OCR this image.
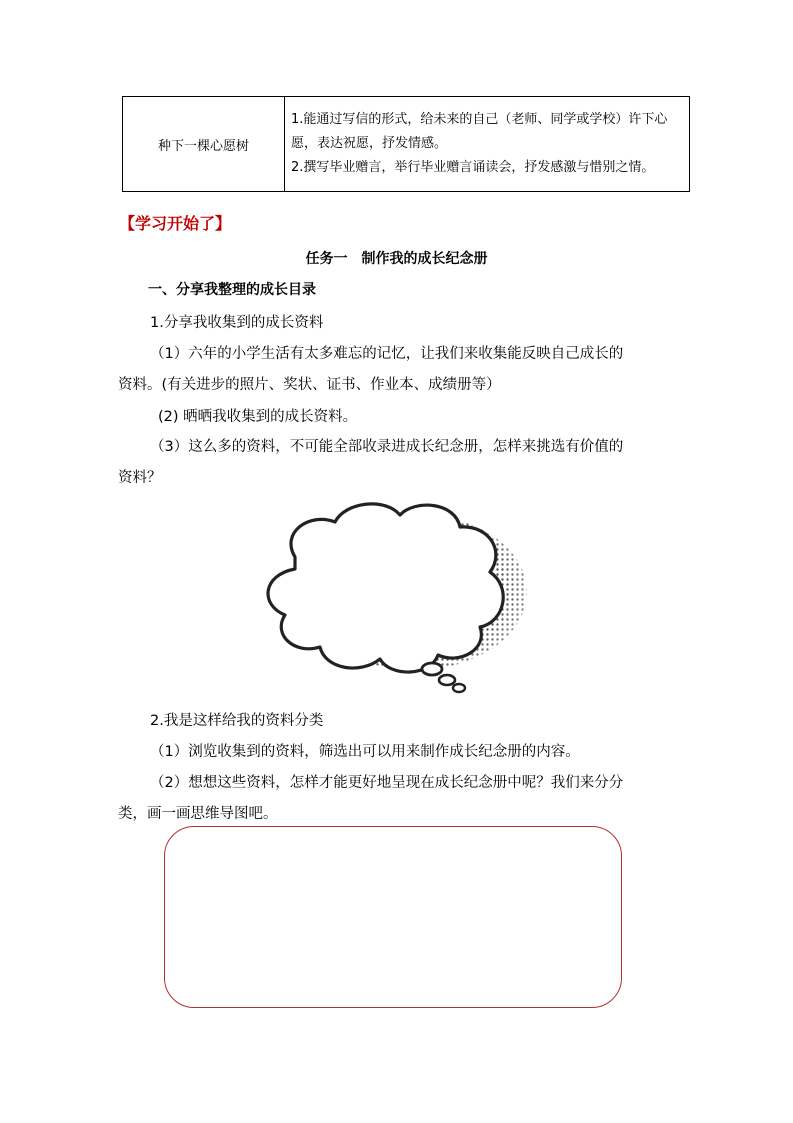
种下一棵心愿树	
1.能通过写信的形式，给未来的自己（老师、同学或学校）许下心
愿，表达祝愿，抒发情感。
2.撰写毕业赠言，举行毕业赠言诵读会，抒发感激与惜别之情。
【学习开始了】
任务一　制作我的成长纪念册
一、分享我整理的成长目录
1.分享我收集到的成长资料
（1）六年的小学生活有太多难忘的记忆，让我们来收集能反映自己成长的
资料。(有关进步的照片、奖状、证书、作业本、成绩册等）
(2) 晒晒我收集到的成长资料。
（3）这么多的资料，不可能全部收录进成长纪念册，怎样来挑选有价值的
资料？
2.我是这样给我的资料分类
（1）浏览收集到的资料，筛选出可以用来制作成长纪念册的内容。
（2）想想这些资料，怎样才能更好地呈现在成长纪念册中呢？我们来分分
类，画一画思维导图吧。
